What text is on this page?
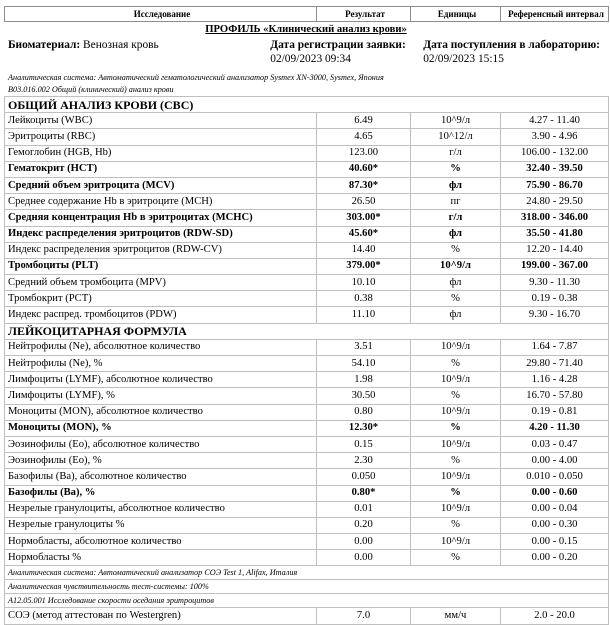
Исследование	Результат	Единицы	Референсный интервал
ПРОФИЛЬ «Клинический анализ крови»
Биоматериал: Венозная кровь	Дата регистрации заявки:
02/09/2023 09:34
Дата поступления в лабораторию:
02/09/2023 15:15
Аналитическая система: Автоматический гематологический анализатор Sysmex XN-3000, Sysmex, Япония
В03.016.002 Общий (клинический) анализ крови
ОБЩИЙ АНАЛИЗ КРОВИ (CBC)			
Лейкоциты (WBC)	6.49	10^9/л	4.27 - 11.40
Эритроциты (RBC)	4.65	10^12/л	3.90 - 4.96
Гемоглобин (HGB, Hb)	123.00	г/л	106.00 - 132.00
Гематокрит (HCT)	40.60*	%	32.40 - 39.50
Средний объем эритроцита (MCV)	87.30*	фл	75.90 - 86.70
Среднее содержание Hb в эритроците (MCH)	26.50	пг	24.80 - 29.50
Средняя концентрация Hb в эритроцитах (MCHC)	303.00*	г/л	318.00 - 346.00
Индекс распределения эритроцитов (RDW-SD)	45.60*	фл	35.50 - 41.80
Индекс распределения эритроцитов (RDW-CV)	14.40	%	12.20 - 14.40
Тромбоциты (PLT)	379.00*	10^9/л	199.00 - 367.00
Средний объем тромбоцита (MPV)	10.10	фл	9.30 - 11.30
Тромбокрит (PCT)	0.38	%	0.19 - 0.38
Индекс распред. тромбоцитов (PDW)	11.10	фл	9.30 - 16.70
ЛЕЙКОЦИТАРНАЯ ФОРМУЛА			
Нейтрофилы (Ne), абсолютное количество	3.51	10^9/л	1.64 - 7.87
Нейтрофилы (Ne), %	54.10	%	29.80 - 71.40
Лимфоциты (LYMF), абсолютное количество	1.98	10^9/л	1.16 - 4.28
Лимфоциты (LYMF), %	30.50	%	16.70 - 57.80
Моноциты (MON), абсолютное количество	0.80	10^9/л	0.19 - 0.81
Моноциты (MON), %	12.30*	%	4.20 - 11.30
Эозинофилы (Eo), абсолютное количество	0.15	10^9/л	0.03 - 0.47
Эозинофилы (Eo), %	2.30	%	0.00 - 4.00
Базофилы (Ba), абсолютное количество	0.050	10^9/л	0.010 - 0.050
Базофилы (Ba), %	0.80*	%	0.00 - 0.60
Незрелые гранулоциты, абсолютное количество	0.01	10^9/л	0.00 - 0.04
Незрелые гранулоциты %	0.20	%	0.00 - 0.30
Нормобласты, абсолютное количество	0.00	10^9/л	0.00 - 0.15
Нормобласты %	0.00	%	0.00 - 0.20
Аналитическая система: Автоматический анализатор СОЭ Test 1, Alifax, Италия			
Аналитическая чувствительность тест-системы: 100%			
A12.05.001 Исследование скорости оседания эритроцитов			
СОЭ (метод аттестован по Westergren)	7.0	мм/ч	2.0 - 20.0
